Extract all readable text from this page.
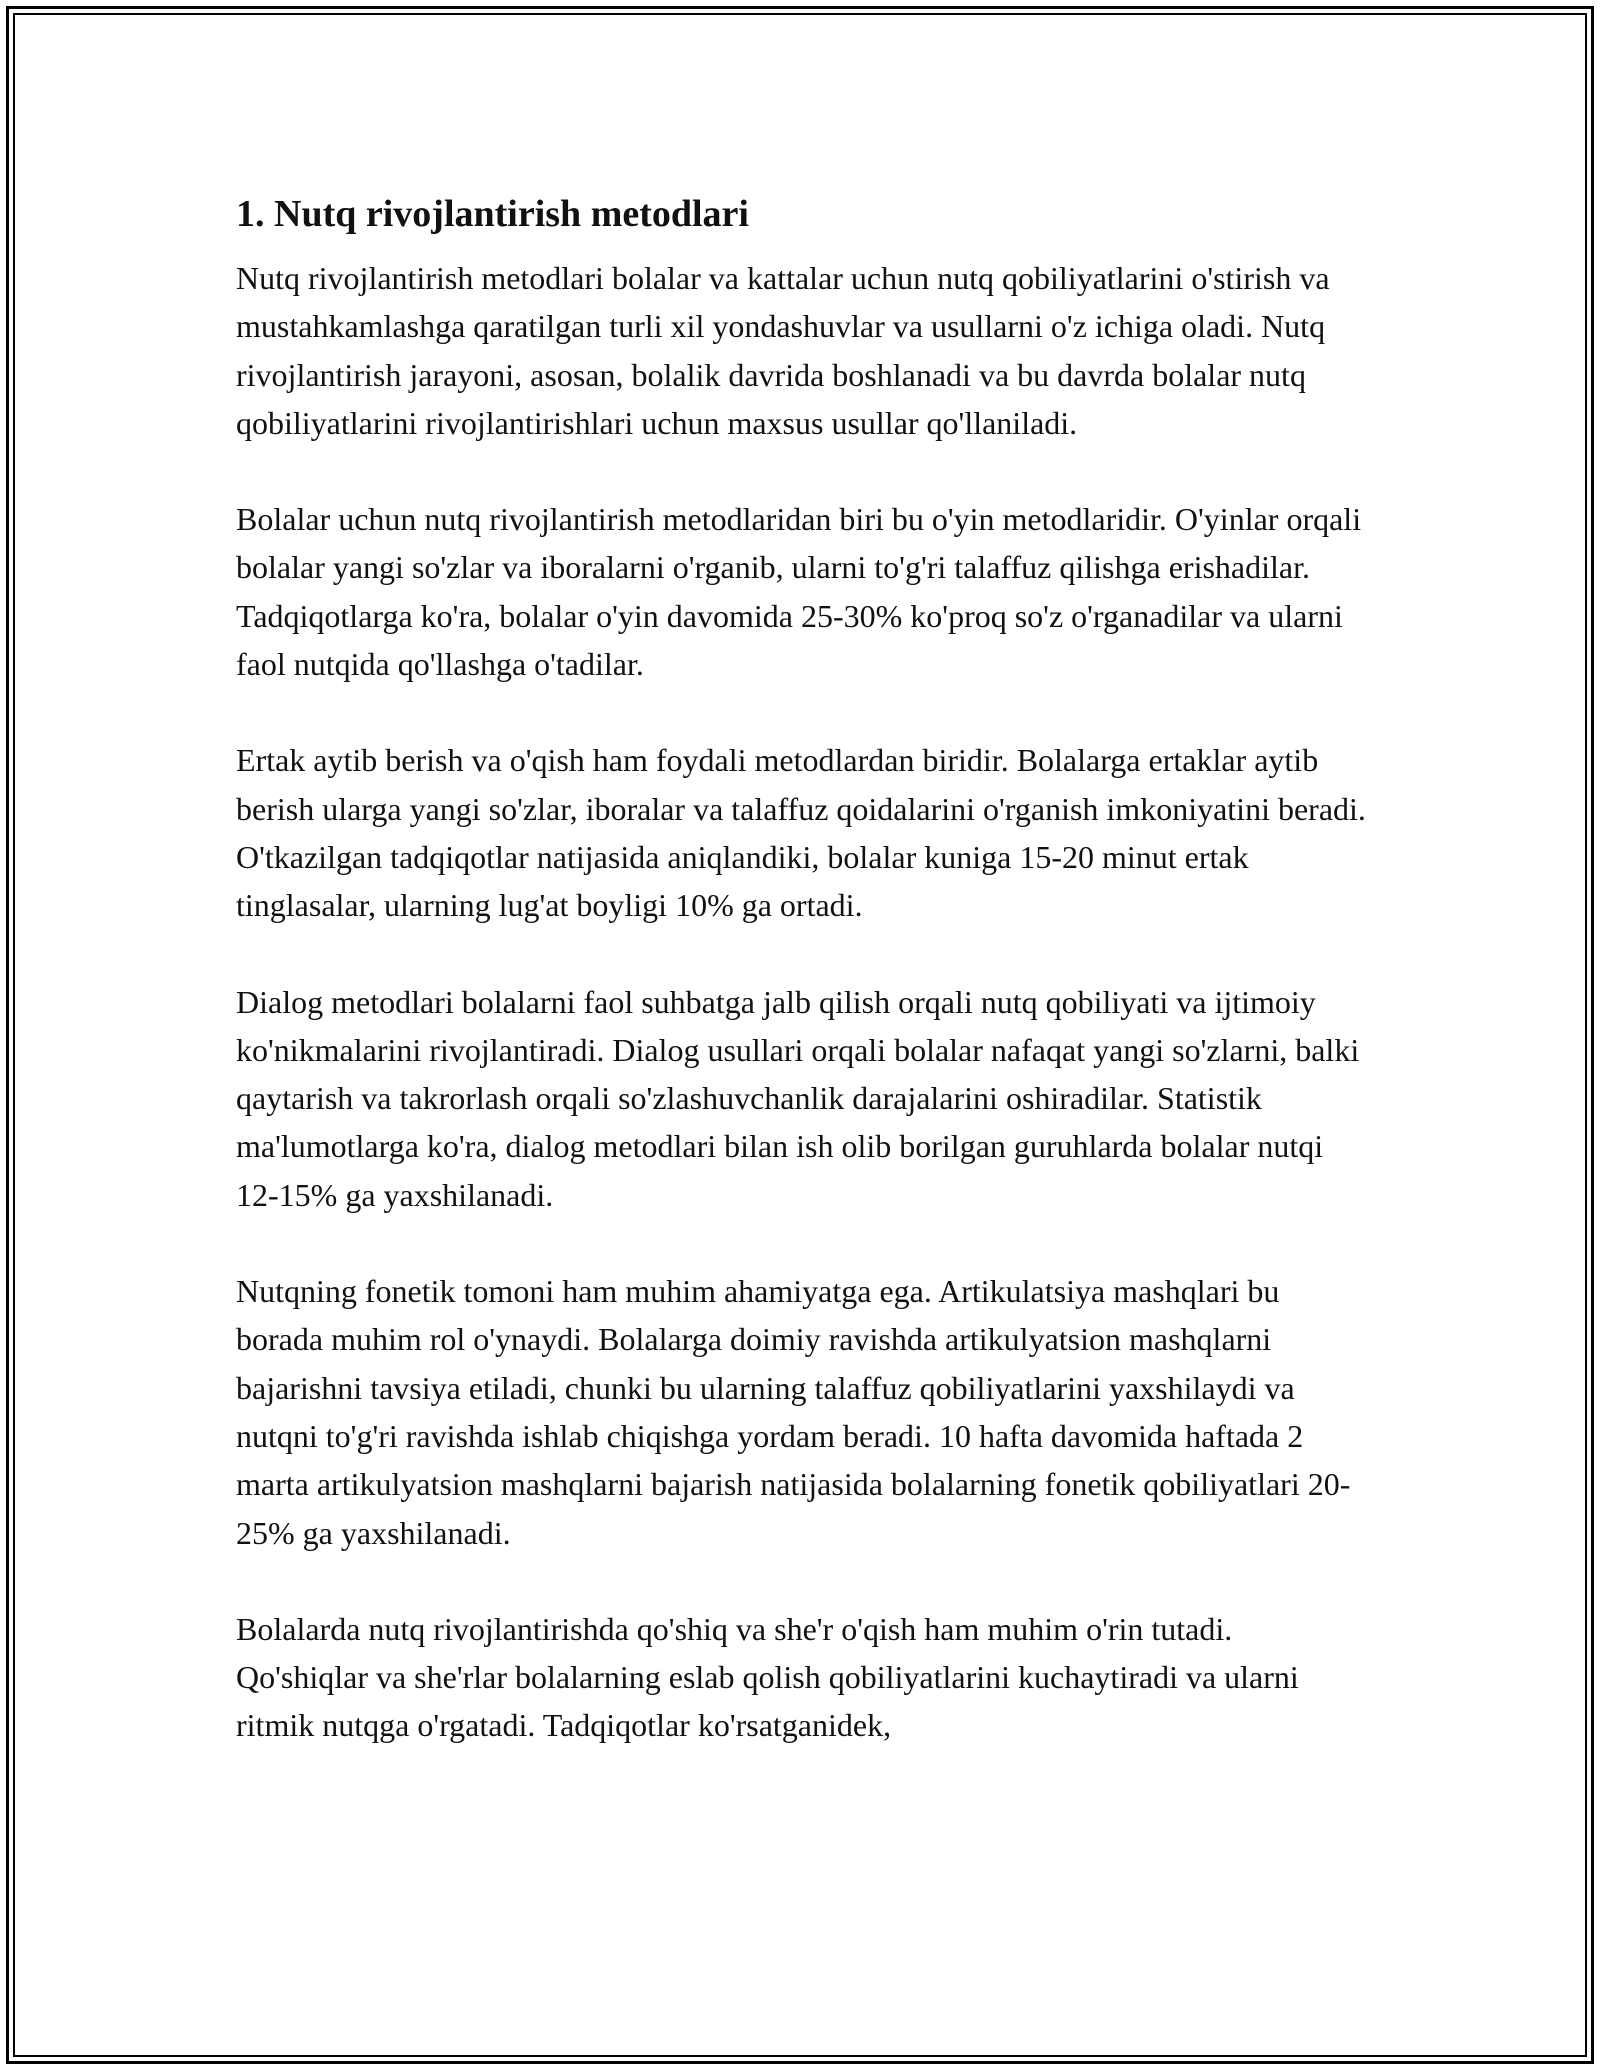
1. Nutq rivojlantirish metodlari

Nutq rivojlantirish metodlari bolalar va kattalar uchun nutq qobiliyatlarini o'stirish va mustahkamlashga qaratilgan turli xil yondashuvlar va usullarni o'z ichiga oladi. Nutq rivojlantirish jarayoni, asosan, bolalik davrida boshlanadi va bu davrda bolalar nutq qobiliyatlarini rivojlantirishlari uchun maxsus usullar qo'llaniladi.

Bolalar uchun nutq rivojlantirish metodlaridan biri bu o'yin metodlaridir. O'yinlar orqali bolalar yangi so'zlar va iboralarni o'rganib, ularni to'g'ri talaffuz qilishga erishadilar. Tadqiqotlarga ko'ra, bolalar o'yin davomida 25-30% ko'proq so'z o'rganadilar va ularni faol nutqida qo'llashga o'tadilar.

Ertak aytib berish va o'qish ham foydali metodlardan biridir. Bolalarga ertaklar aytib berish ularga yangi so'zlar, iboralar va talaffuz qoidalarini o'rganish imkoniyatini beradi. O'tkazilgan tadqiqotlar natijasida aniqlandiki, bolalar kuniga 15-20 minut ertak tinglasalar, ularning lug'at boyligi 10% ga ortadi.

Dialog metodlari bolalarni faol suhbatga jalb qilish orqali nutq qobiliyati va ijtimoiy ko'nikmalarini rivojlantiradi. Dialog usullari orqali bolalar nafaqat yangi so'zlarni, balki qaytarish va takrorlash orqali so'zlashuvchanlik darajalarini oshiradilar. Statistik ma'lumotlarga ko'ra, dialog metodlari bilan ish olib borilgan guruhlarda bolalar nutqi 12-15% ga yaxshilanadi.

Nutqning fonetik tomoni ham muhim ahamiyatga ega. Artikulatsiya mashqlari bu borada muhim rol o'ynaydi. Bolalarga doimiy ravishda artikulyatsion mashqlarni bajarishni tavsiya etiladi, chunki bu ularning talaffuz qobiliyatlarini yaxshilaydi va nutqni to'g'ri ravishda ishlab chiqishga yordam beradi. 10 hafta davomida haftada 2 marta artikulyatsion mashqlarni bajarish natijasida bolalarning fonetik qobiliyatlari 20-25% ga yaxshilanadi.

Bolalarda nutq rivojlantirishda qo'shiq va she'r o'qish ham muhim o'rin tutadi. Qo'shiqlar va she'rlar bolalarning eslab qolish qobiliyatlarini kuchaytiradi va ularni ritmik nutqga o'rgatadi. Tadqiqotlar ko'rsatganidek,
